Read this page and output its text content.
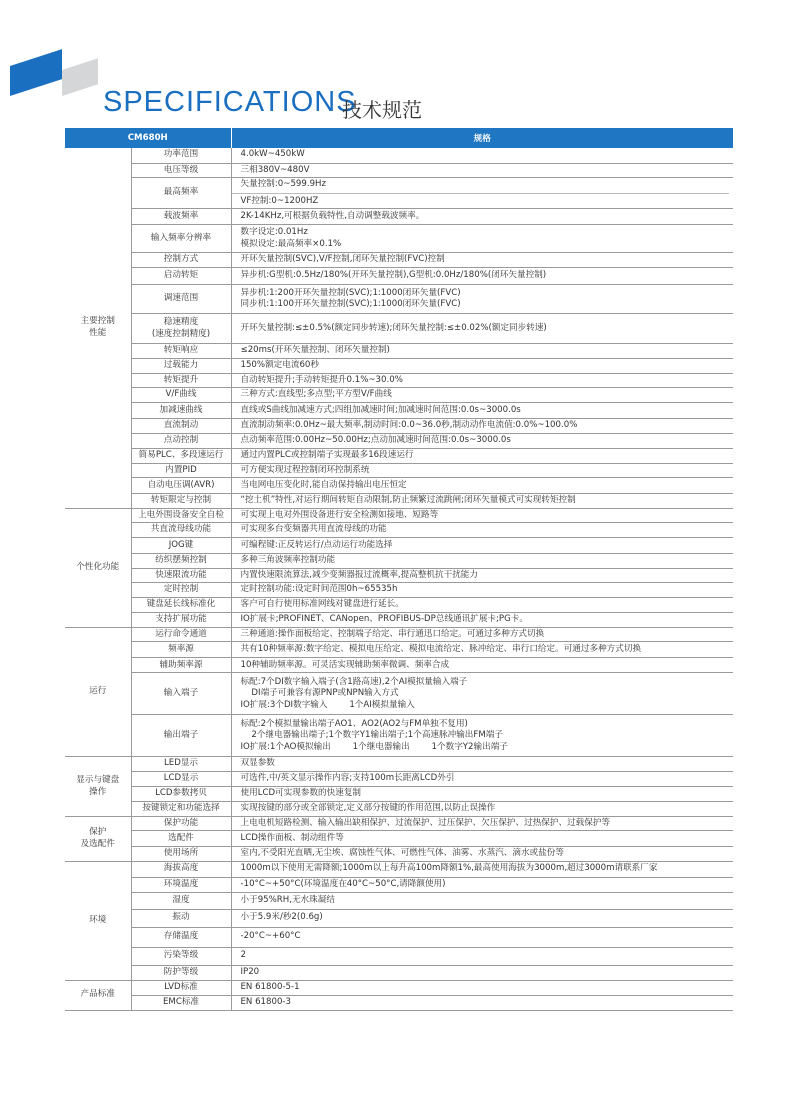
SPECIFICATIONS
技术规范
CM680H		规格
主要控制
性能	功率范围	4.0kW~450kW

	电压等级	三相380V~480V

	最高频率	矢量控制:0~599.9Hz
VF控制:0~1200HZ

	载波频率	2K-14KHz,可根据负载特性,自动调整载波频率。

	输入频率分辨率	数字设定:0.01Hz
模拟设定:最高频率×0.1%

	控制方式	开环矢量控制(SVC),V/F控制,闭环矢量控制(FVC)控制

	启动转矩	异步机:G型机:0.5Hz/180%(开环矢量控制),G型机:0.0Hz/180%(闭环矢量控制)

	调速范围	异步机:1:200开环矢量控制(SVC);1:1000闭环矢量(FVC)
同步机:1:100开环矢量控制(SVC);1:1000闭环矢量(FVC)

	稳速精度
(速度控制精度)	开环矢量控制:≤±0.5%(额定同步转速);闭环矢量控制:≤±0.02%(额定同步转速)

	转矩响应	≤20ms(开环矢量控制、闭环矢量控制)

	过载能力	150%额定电流60秒

	转矩提升	自动转矩提升;手动转矩提升0.1%~30.0%

	V/F曲线	三种方式:直线型;多点型;平方型V/F曲线

	加减速曲线	直线或S曲线加减速方式;四组加减速时间;加减速时间范围:0.0s~3000.0s

	直流制动	直流制动频率:0.0Hz~最大频率,制动时间:0.0~36.0秒,制动动作电流值:0.0%~100.0%

	点动控制	点动频率范围:0.00Hz~50.00Hz;点动加减速时间范围:0.0s~3000.0s

	简易PLC、多段速运行	通过内置PLC或控制端子实现最多16段速运行

	内置PID	可方便实现过程控制闭环控制系统

	自动电压调(AVR)	当电网电压变化时,能自动保持输出电压恒定

	转矩限定与控制	“挖土机”特性,对运行期间转矩自动限制,防止频繁过流跳闸;闭环矢量模式可实现转矩控制

个性化功能	上电外围设备安全自检	可实现上电对外围设备进行安全检测如接地、短路等

	共直流母线功能	可实现多台变频器共用直流母线的功能

	JOG键	可编程键:正反转运行/点动运行功能选择

	纺织摆频控制	多种三角波频率控制功能

	快速限流功能	内置快速限流算法,减少变频器报过流概率,提高整机抗干扰能力

	定时控制	定时控制功能:设定时间范围0h~65535h

	键盘延长线标准化	客户可自行使用标准网线对键盘进行延长。

	支持扩展功能	IO扩展卡;PROFINET、CANopen、PROFIBUS-DP总线通讯扩展卡;PG卡。

运行	运行命令通道	三种通道:操作面板给定、控制端子给定、串行通迅口给定。可通过多种方式切换

	频率源	共有10种频率源:数字给定、模拟电压给定、模拟电流给定、脉冲给定、串行口给定。可通过多种方式切换

	辅助频率源	10种辅助频率源。可灵活实现辅助频率微调、频率合成

	输入端子	标配:7个DI数字输入端子(含1路高速),2个AI模拟量输入端子
DI端子可兼容有源PNP或NPN输入方式
IO扩展:3个DI数字输入        1个AI模拟量输入

	输出端子	标配:2个模拟量输出端子AO1、AO2(AO2与FM单独不复用)
2个继电器输出端子;1个数字Y1输出端子;1个高速脉冲输出FM端子
IO扩展:1个AO模拟输出        1个继电器输出        1个数字Y2输出端子

显示与键盘
操作	LED显示	双显参数

	LCD显示	可选件,中/英文显示操作内容;支持100m长距离LCD外引

	LCD参数拷贝	使用LCD可实现参数的快速复制

	按键锁定和功能选择	实现按键的部分或全部锁定,定义部分按键的作用范围,以防止误操作

保护
及选配件	保护功能	上电电机短路检测、输入输出缺相保护、过流保护、过压保护、欠压保护、过热保护、过载保护等

	选配件	LCD操作面板、制动组件等

	使用场所	室内,不受阳光直晒,无尘埃、腐蚀性气体、可燃性气体、油雾、水蒸汽、滴水或盐份等

环境	海拔高度	1000m以下使用无需降额;1000m以上每升高100m降额1%,最高使用海拔为3000m,超过3000m请联系厂家

	环境温度	-10°C~+50°C(环境温度在40°C~50°C,请降额使用)

	湿度	小于95%RH,无水珠凝结

	振动	小于5.9米/秒2(0.6g)

	存储温度	-20°C~+60°C

	污染等级	2

	防护等级	IP20

产品标准	LVD标准	EN 61800-5-1

	EMC标准	EN 61800-3
